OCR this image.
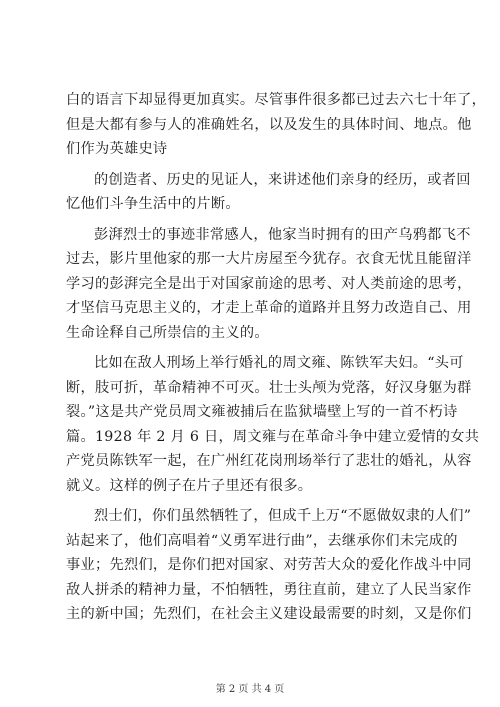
白的语言下却显得更加真实。尽管事件很多都已过去六七十年了，
但是大都有参与人的准确姓名，以及发生的具体时间、地点。他
们作为英雄史诗
的创造者、历史的见证人，来讲述他们亲身的经历，或者回
忆他们斗争生活中的片断。
彭湃烈士的事迹非常感人，他家当时拥有的田产乌鸦都飞不
过去，影片里他家的那一大片房屋至今犹存。衣食无忧且能留洋
学习的彭湃完全是出于对国家前途的思考、对人类前途的思考，
才坚信马克思主义的，才走上革命的道路并且努力改造自己、用
生命诠释自己所崇信的主义的。
比如在敌人刑场上举行婚礼的周文雍、陈铁军夫妇。“头可
断，肢可折，革命精神不可灭。壮士头颅为党落，好汉身躯为群
裂。”这是共产党员周文雍被捕后在监狱墙壁上写的一首不朽诗
篇。1928 年 2 月 6 日，周文雍与在革命斗争中建立爱情的女共
产党员陈铁军一起，在广州红花岗刑场举行了悲壮的婚礼，从容
就义。这样的例子在片子里还有很多。
烈士们，你们虽然牺牲了，但成千上万“不愿做奴隶的人们”
站起来了，他们高唱着“义勇军进行曲”，去继承你们未完成的
事业；先烈们，是你们把对国家、对劳苦大众的爱化作战斗中同
敌人拼杀的精神力量，不怕牺牲，勇往直前，建立了人民当家作
主的新中国；先烈们，在社会主义建设最需要的时刻，又是你们
第 2 页 共 4 页
